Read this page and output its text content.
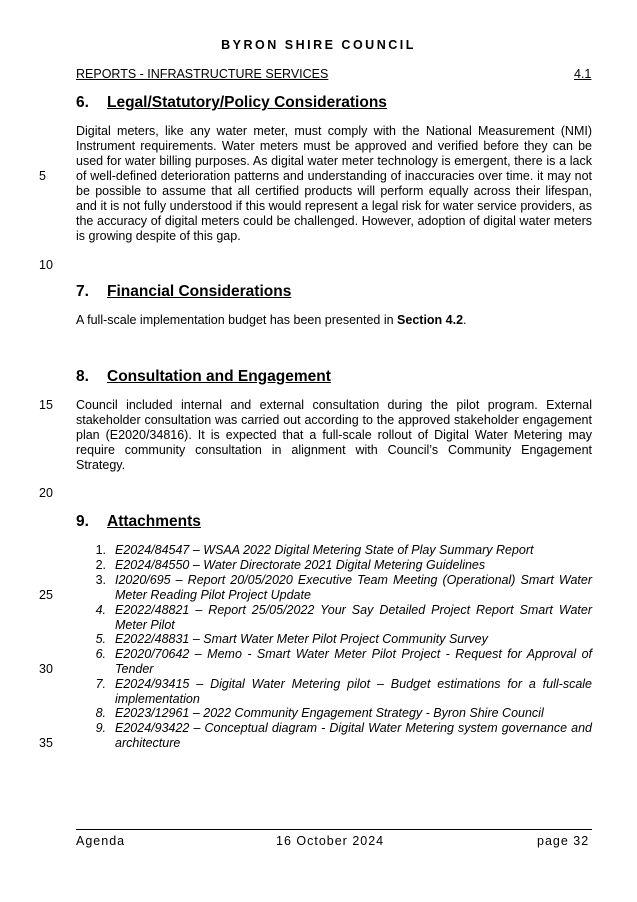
BYRON SHIRE COUNCIL
REPORTS - INFRASTRUCTURE SERVICES	4.1
6. Legal/Statutory/Policy Considerations
Digital meters, like any water meter, must comply with the National Measurement (NMI) Instrument requirements. Water meters must be approved and verified before they can be used for water billing purposes. As digital water meter technology is emergent, there is a lack of well-defined deterioration patterns and understanding of inaccuracies over time. it may not be possible to assume that all certified products will perform equally across their lifespan, and it is not fully understood if this would represent a legal risk for water service providers, as the accuracy of digital meters could be challenged. However, adoption of digital water meters is growing despite of this gap.
7. Financial Considerations
A full-scale implementation budget has been presented in Section 4.2.
8. Consultation and Engagement
Council included internal and external consultation during the pilot program. External stakeholder consultation was carried out according to the approved stakeholder engagement plan (E2020/34816). It is expected that a full-scale rollout of Digital Water Metering may require community consultation in alignment with Council’s Community Engagement Strategy.
9. Attachments
1. E2024/84547 – WSAA 2022 Digital Metering State of Play Summary Report
2. E2024/84550 – Water Directorate 2021 Digital Metering Guidelines
3. I2020/695 – Report 20/05/2020 Executive Team Meeting (Operational) Smart Water Meter Reading Pilot Project Update
4. E2022/48821 – Report 25/05/2022 Your Say Detailed Project Report Smart Water Meter Pilot
5. E2022/48831 – Smart Water Meter Pilot Project Community Survey
6. E2020/70642 – Memo - Smart Water Meter Pilot Project - Request for Approval of Tender
7. E2024/93415 – Digital Water Metering pilot – Budget estimations for a full-scale implementation
8. E2023/12961 – 2022 Community Engagement Strategy - Byron Shire Council
9. E2024/93422 – Conceptual diagram - Digital Water Metering system governance and architecture
5
10
15
20
25
30
35
Agenda	16 October 2024	page 32
